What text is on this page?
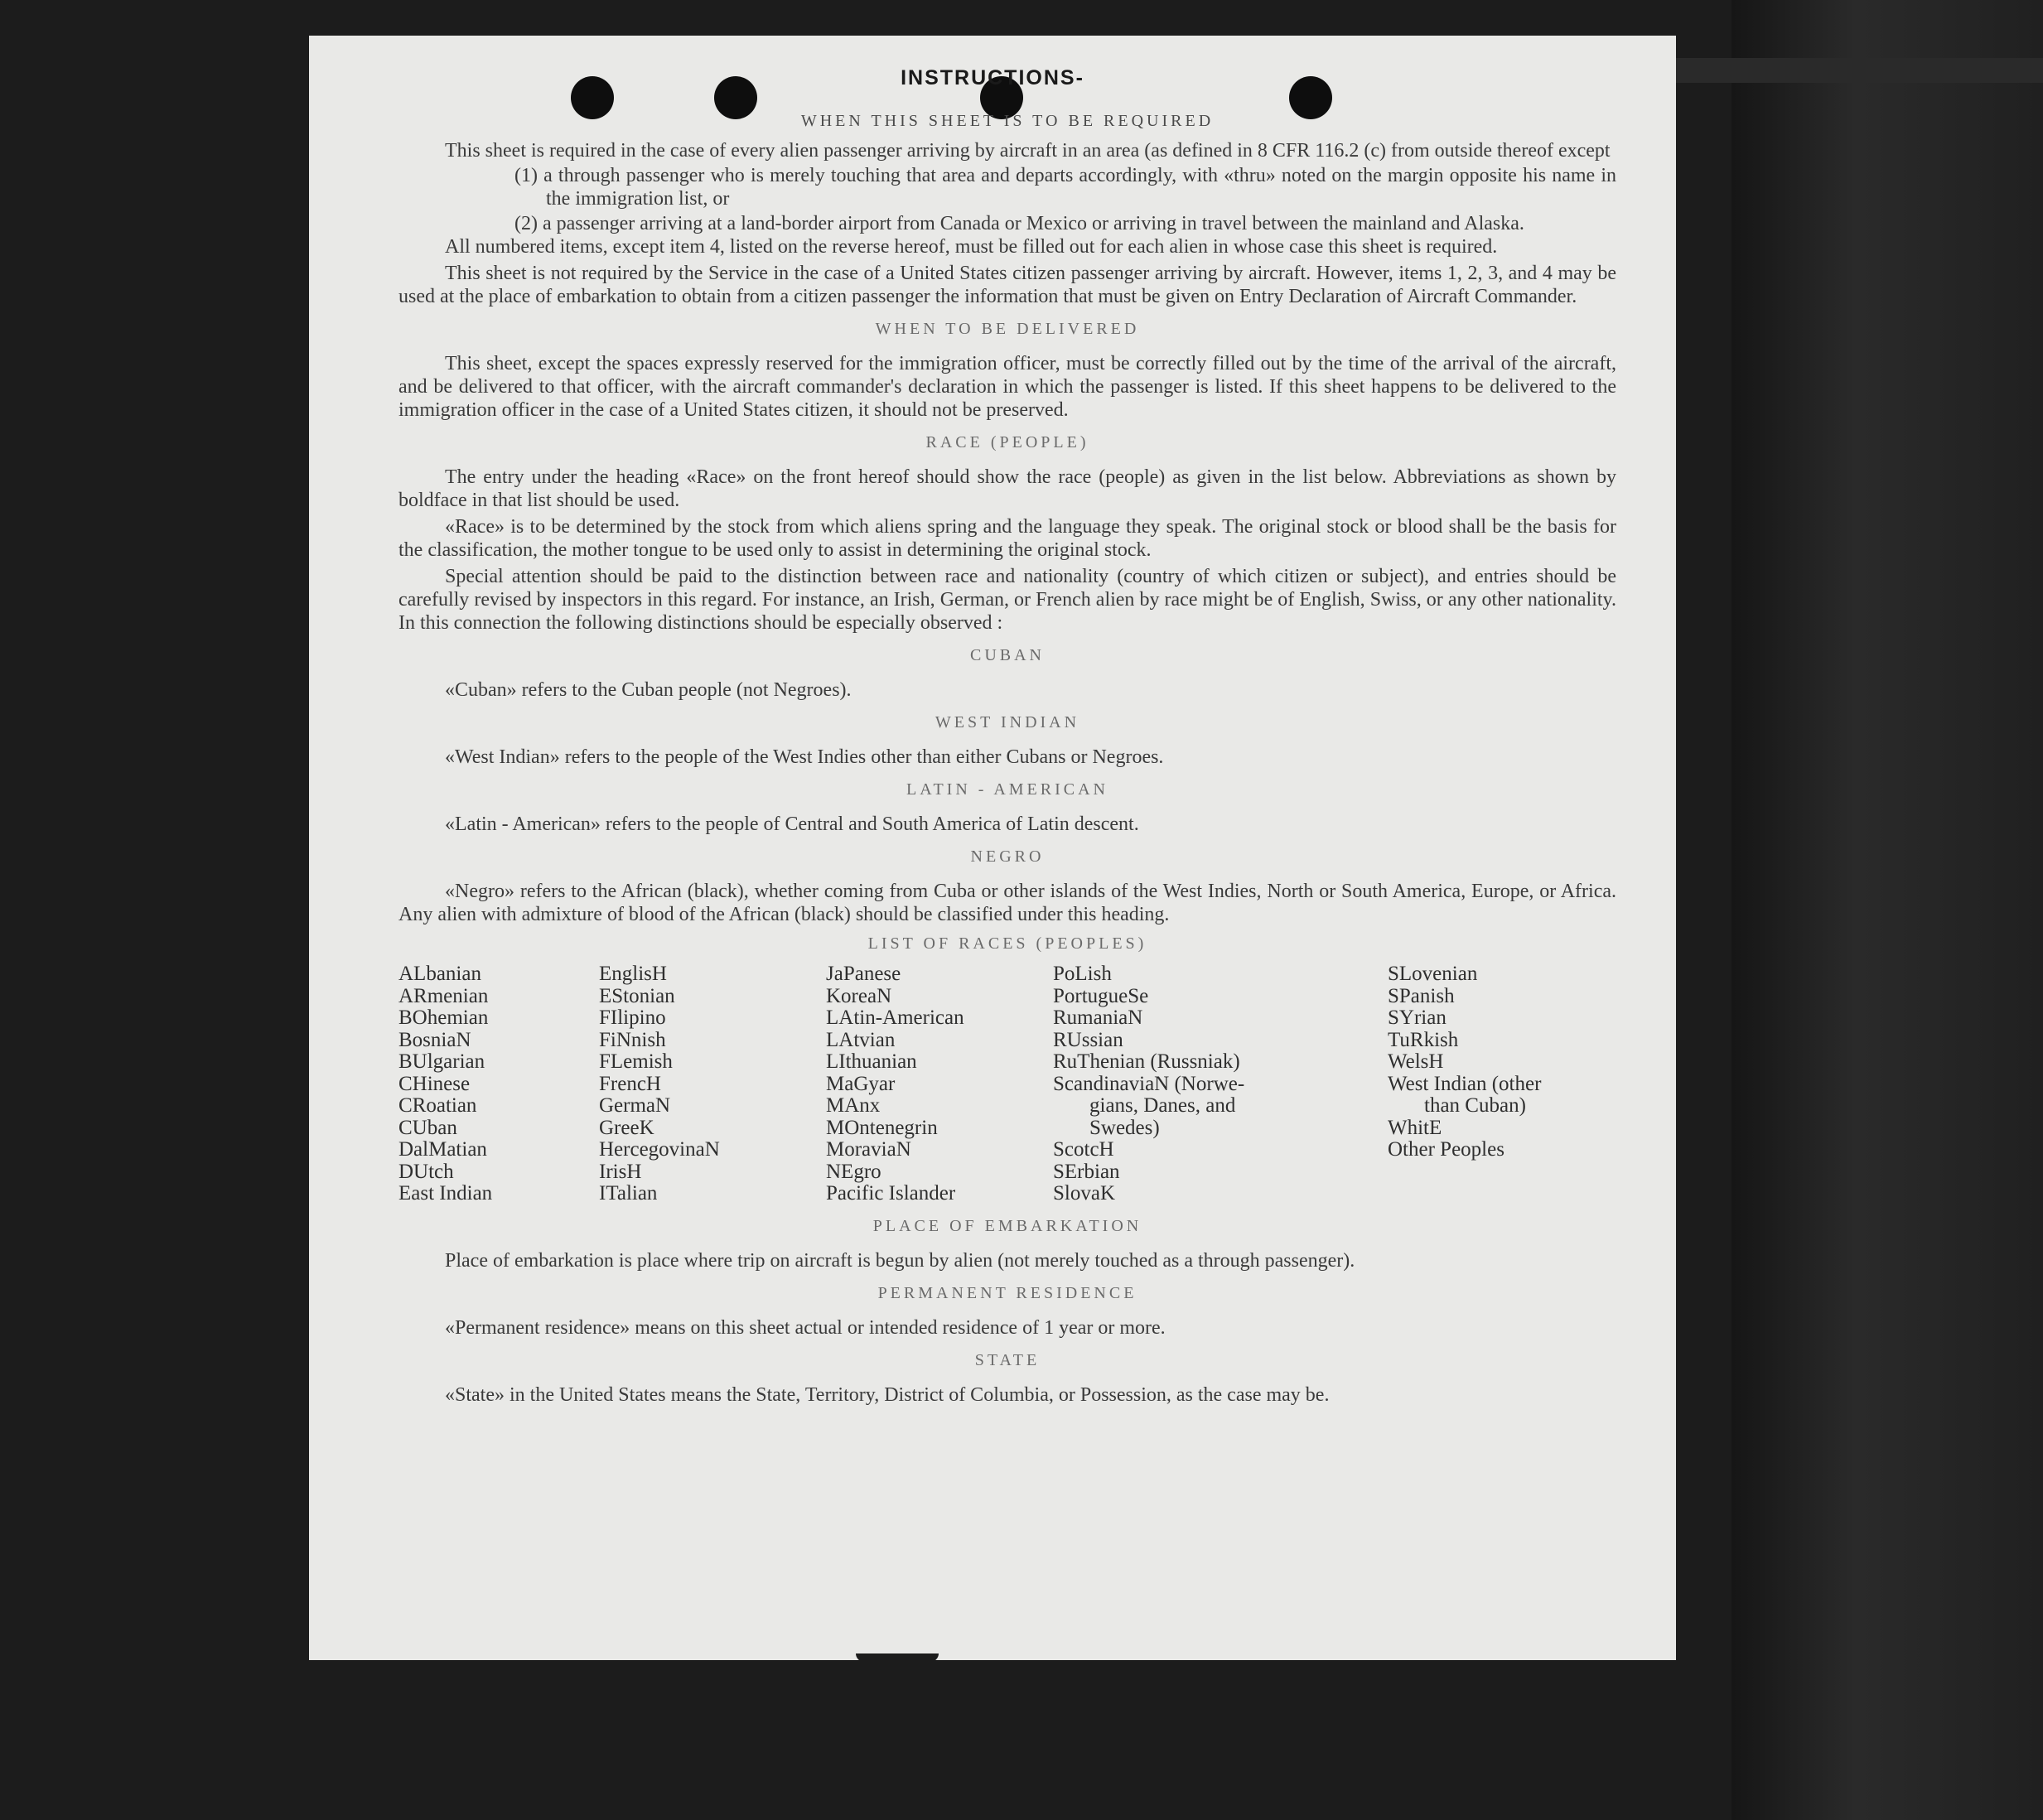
INSTRUCTIONS-
WHEN THIS SHEET IS TO BE REQUIRED

This sheet is required in the case of every alien passenger arriving by aircraft in an area (as defined in 8 CFR 116.2 (c) from outside thereof except

(1) a through passenger who is merely touching that area and departs accordingly, with «thru» noted on the margin opposite his name in the immigration list, or
(2) a passenger arriving at a land-border airport from Canada or Mexico or arriving in travel between the mainland and Alaska.

All numbered items, except item 4, listed on the reverse hereof, must be filled out for each alien in whose case this sheet is required.

This sheet is not required by the Service in the case of a United States citizen passenger arriving by aircraft. However, items 1, 2, 3, and 4 may be used at the place of embarkation to obtain from a citizen passenger the information that must be given on Entry Declaration of Aircraft Commander.

WHEN TO BE DELIVERED

This sheet, except the spaces expressly reserved for the immigration officer, must be correctly filled out by the time of the arrival of the aircraft, and be delivered to that officer, with the aircraft commander's declaration in which the passenger is listed. If this sheet happens to be delivered to the immigration officer in the case of a United States citizen, it should not be preserved.

RACE (PEOPLE)

The entry under the heading «Race» on the front hereof should show the race (people) as given in the list below. Abbreviations as shown by boldface in that list should be used.

«Race» is to be determined by the stock from which aliens spring and the language they speak. The original stock or blood shall be the basis for the classification, the mother tongue to be used only to assist in determining the original stock.

Special attention should be paid to the distinction between race and nationality (country of which citizen or subject), and entries should be carefully revised by inspectors in this regard. For instance, an Irish, German, or French alien by race might be of English, Swiss, or any other nationality. In this connection the following distinctions should be especially observed :

CUBAN

«Cuban» refers to the Cuban people (not Negroes).

WEST INDIAN

«West Indian» refers to the people of the West Indies other than either Cubans or Negroes.

LATIN - AMERICAN

«Latin - American» refers to the people of Central and South America of Latin descent.

NEGRO

«Negro» refers to the African (black), whether coming from Cuba or other islands of the West Indies, North or South America, Europe, or Africa. Any alien with admixture of blood of the African (black) should be classified under this heading.

LIST OF RACES (PEOPLES)
ALbanian
ARmenian
BOhemian
BosniaN
BUlgarian
CHinese
CRoatian
CUban
DalMatian
DUtch
East Indian
EnglisH
EStonian
FIlipino
FiNnish
FLemish
FrencH
GermaN
GreeK
HercegovinaN
IrisH
ITalian
JaPanese
KoreaN
LAtin-American
LAtvian
LIthuanian
MaGyar
MAnx
MOntenegrin
MoraviaN
NEgro
Pacific Islander
PoLish
PortugueSe
RumaniaN
RUssian
RuThenian (Russniak)
ScandinaviaN (Norwe-
gians, Danes, and
Swedes)
ScotcH
SErbian
SlovaK
SLovenian
SPanish
SYrian
TuRkish
WelsH
West Indian (other
than Cuban)
WhitE
Other Peoples
PLACE OF EMBARKATION

Place of embarkation is place where trip on aircraft is begun by alien (not merely touched as a through passenger).

PERMANENT RESIDENCE

«Permanent residence» means on this sheet actual or intended residence of 1 year or more.

STATE

«State» in the United States means the State, Territory, District of Columbia, or Possession, as the case may be.
